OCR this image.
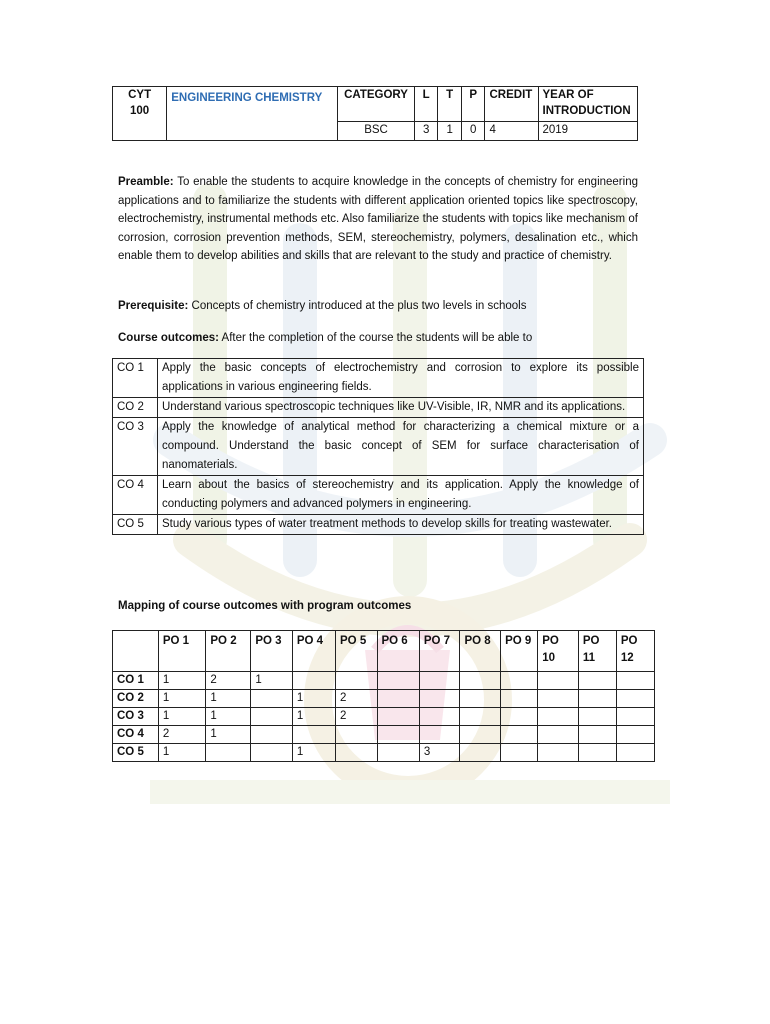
CYT 100	ENGINEERING CHEMISTRY	CATEGORY	L	T	P	CREDIT	YEAR OF INTRODUCTION
		BSC	3	1	0	4	2019

Preamble: To enable the students to acquire knowledge in the concepts of chemistry for engineering applications and to familiarize the students with different application oriented topics like spectroscopy, electrochemistry, instrumental methods etc. Also familiarize the students with topics like mechanism of corrosion, corrosion prevention methods, SEM, stereochemistry, polymers, desalination etc., which enable them to develop abilities and skills that are relevant to the study and practice of chemistry.

Prerequisite: Concepts of chemistry introduced at the plus two levels in schools

Course outcomes: After the completion of the course the students will be able to

CO 1	Apply the basic concepts of electrochemistry and corrosion to explore its possible applications in various engineering fields.
CO 2	Understand various spectroscopic techniques like UV-Visible, IR, NMR and its applications.
CO 3	Apply the knowledge of analytical method for characterizing a chemical mixture or a compound. Understand the basic concept of SEM for surface characterisation of nanomaterials.
CO 4	Learn about the basics of stereochemistry and its application. Apply the knowledge of conducting polymers and advanced polymers in engineering.
CO 5	Study various types of water treatment methods to develop skills for treating wastewater.
Mapping of course outcomes with program outcomes
	PO 1	PO 2	PO 3	PO 4	PO 5	PO 6	PO 7	PO 8	PO 9	PO 10	PO 11	PO 12
CO 1	1	2	1									
CO 2	1	1		1	2							
CO 3	1	1		1	2							
CO 4	2	1										
CO 5	1			1			3					
